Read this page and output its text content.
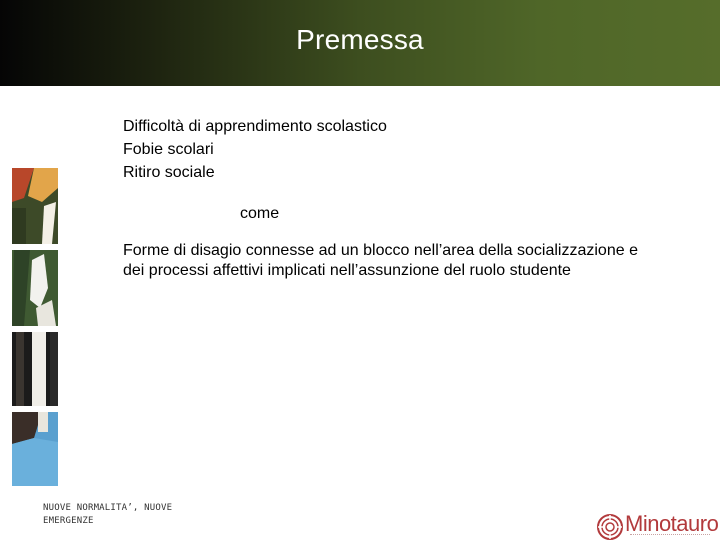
Premessa
Difficoltà di apprendimento scolastico
Fobie scolari
Ritiro sociale
come
Forme di disagio connesse ad un blocco nell’area della socializzazione e dei processi affettivi implicati nell’assunzione del ruolo studente
NUOVE NORMALITA’, NUOVE EMERGENZE	Minotauro
